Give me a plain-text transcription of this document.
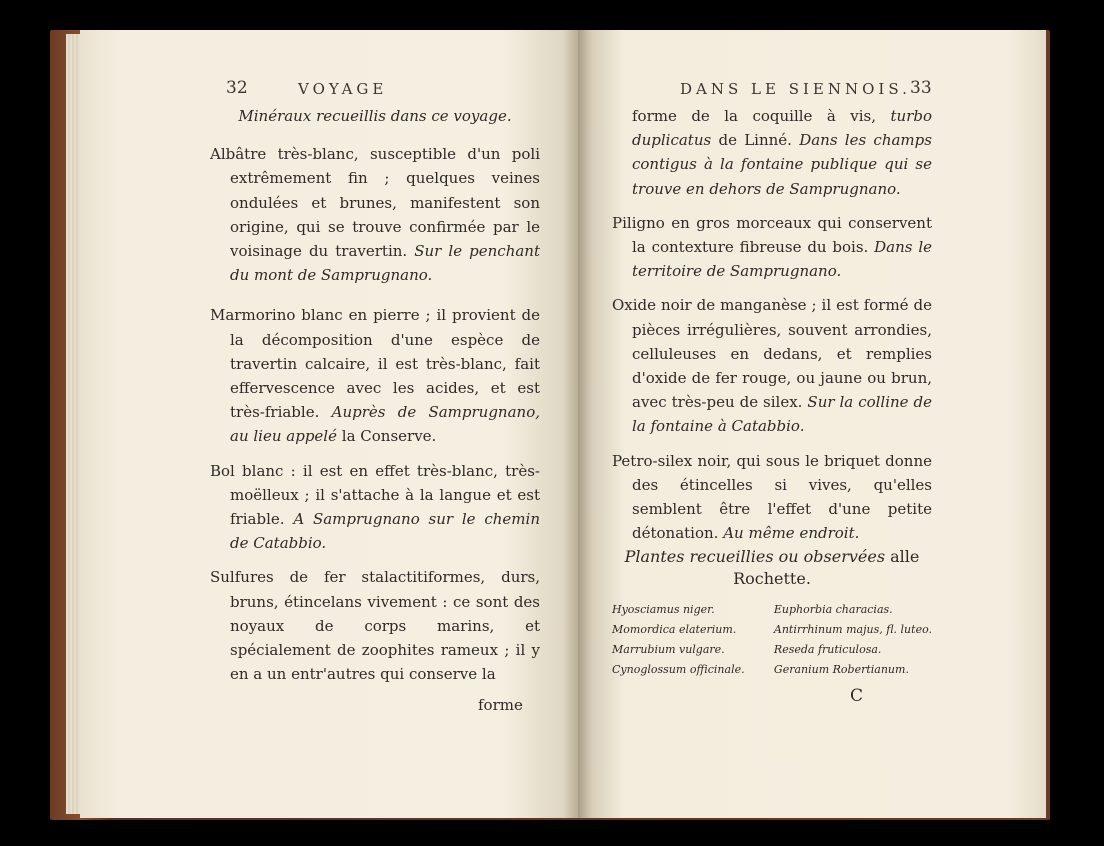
32	VOYAGE
Minéraux recueillis dans ce voyage.

Albâtre très-blanc, susceptible d'un poli extrêmement fin ; quelques veines ondulées et brunes, manifestent son origine, qui se trouve confirmée par le voisinage du travertin. Sur le penchant du mont de Samprugnano.

Marmorino blanc en pierre ; il provient de la décomposition d'une espèce de travertin calcaire, il est très-blanc, fait effervescence avec les acides, et est très-friable. Auprès de Samprugnano, au lieu appelé la Conserve.

Bol blanc : il est en effet très-blanc, très-moëlleux ; il s'attache à la langue et est friable. A Samprugnano sur le chemin de Catabbio.

Sulfures de fer stalactitiformes, durs, bruns, étincelans vivement : ce sont des noyaux de corps marins, et spécialement de zoophites rameux ; il y en a un entr'autres qui conserve la

forme
DANS LE SIENNOIS. 33

forme de la coquille à vis, turbo duplicatus de Linné. Dans les champs contigus à la fontaine publique qui se trouve en dehors de Samprugnano.

Piligno en gros morceaux qui conservent la contexture fibreuse du bois. Dans le territoire de Samprugnano.

Oxide noir de manganèse ; il est formé de pièces irrégulières, souvent arrondies, celluleuses en dedans, et remplies d'oxide de fer rouge, ou jaune ou brun, avec très-peu de silex. Sur la colline de la fontaine à Catabbio.

Petro-silex noir, qui sous le briquet donne des étincelles si vives, qu'elles semblent être l'effet d'une petite détonation. Au même endroit.

Plantes recueillies ou observées alle Rochette.
Hyosciamus niger.
Momordica elaterium.
Marrubium vulgare.
Cynoglossum officinale.
Euphorbia characias.
Antirrhinum majus, fl. luteo.
Reseda fruticulosa.
Geranium Robertianum.
C
